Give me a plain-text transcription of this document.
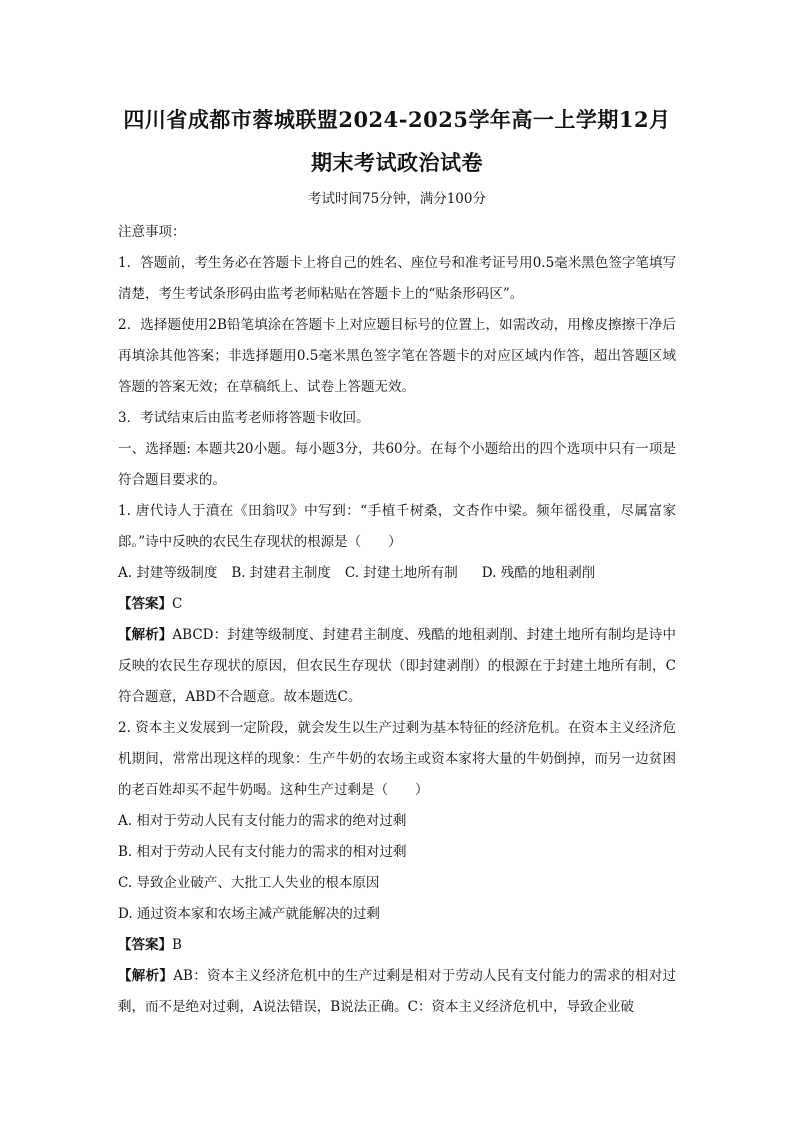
四川省成都市蓉城联盟2024-2025学年高一上学期12月
期末考试政治试卷

考试时间75分钟，满分100分

注意事项：

1．答题前，考生务必在答题卡上将自己的姓名、座位号和准考证号用0.5毫米黑色签字笔填写清楚，考生考试条形码由监考老师粘贴在答题卡上的“贴条形码区”。

2．选择题使用2B铅笔填涂在答题卡上对应题目标号的位置上，如需改动，用橡皮擦擦干净后再填涂其他答案；非选择题用0.5毫米黑色签字笔在答题卡的对应区域内作答，超出答题区域答题的答案无效；在草稿纸上、试卷上答题无效。

3．考试结束后由监考老师将答题卡收回。

一、选择题: 本题共20小题。每小题3分，共60分。在每个小题给出的四个选项中只有一项是符合题目要求的。

1. 唐代诗人于濆在《田翁叹》中写到：“手植千树桑，文杏作中梁。频年徭役重，尽属富家郎。”诗中反映的农民生存现状的根源是（　　）

A. 封建等级制度 B. 封建君主制度 C. 封建土地所有制 D. 残酷的地租剥削

【答案】C

【解析】ABCD：封建等级制度、封建君主制度、残酷的地租剥削、封建土地所有制均是诗中反映的农民生存现状的原因，但农民生存现状（即封建剥削）的根源在于封建土地所有制，C符合题意，ABD不合题意。故本题选C。

2. 资本主义发展到一定阶段，就会发生以生产过剩为基本特征的经济危机。在资本主义经济危机期间，常常出现这样的现象：生产牛奶的农场主或资本家将大量的牛奶倒掉，而另一边贫困的老百姓却买不起牛奶喝。这种生产过剩是（　　）

A. 相对于劳动人民有支付能力的需求的绝对过剩

B. 相对于劳动人民有支付能力的需求的相对过剩

C. 导致企业破产、大批工人失业的根本原因

D. 通过资本家和农场主减产就能解决的过剩

【答案】B

【解析】AB：资本主义经济危机中的生产过剩是相对于劳动人民有支付能力的需求的相对过剩，而不是绝对过剩，A说法错误，B说法正确。C：资本主义经济危机中，导致企业破
